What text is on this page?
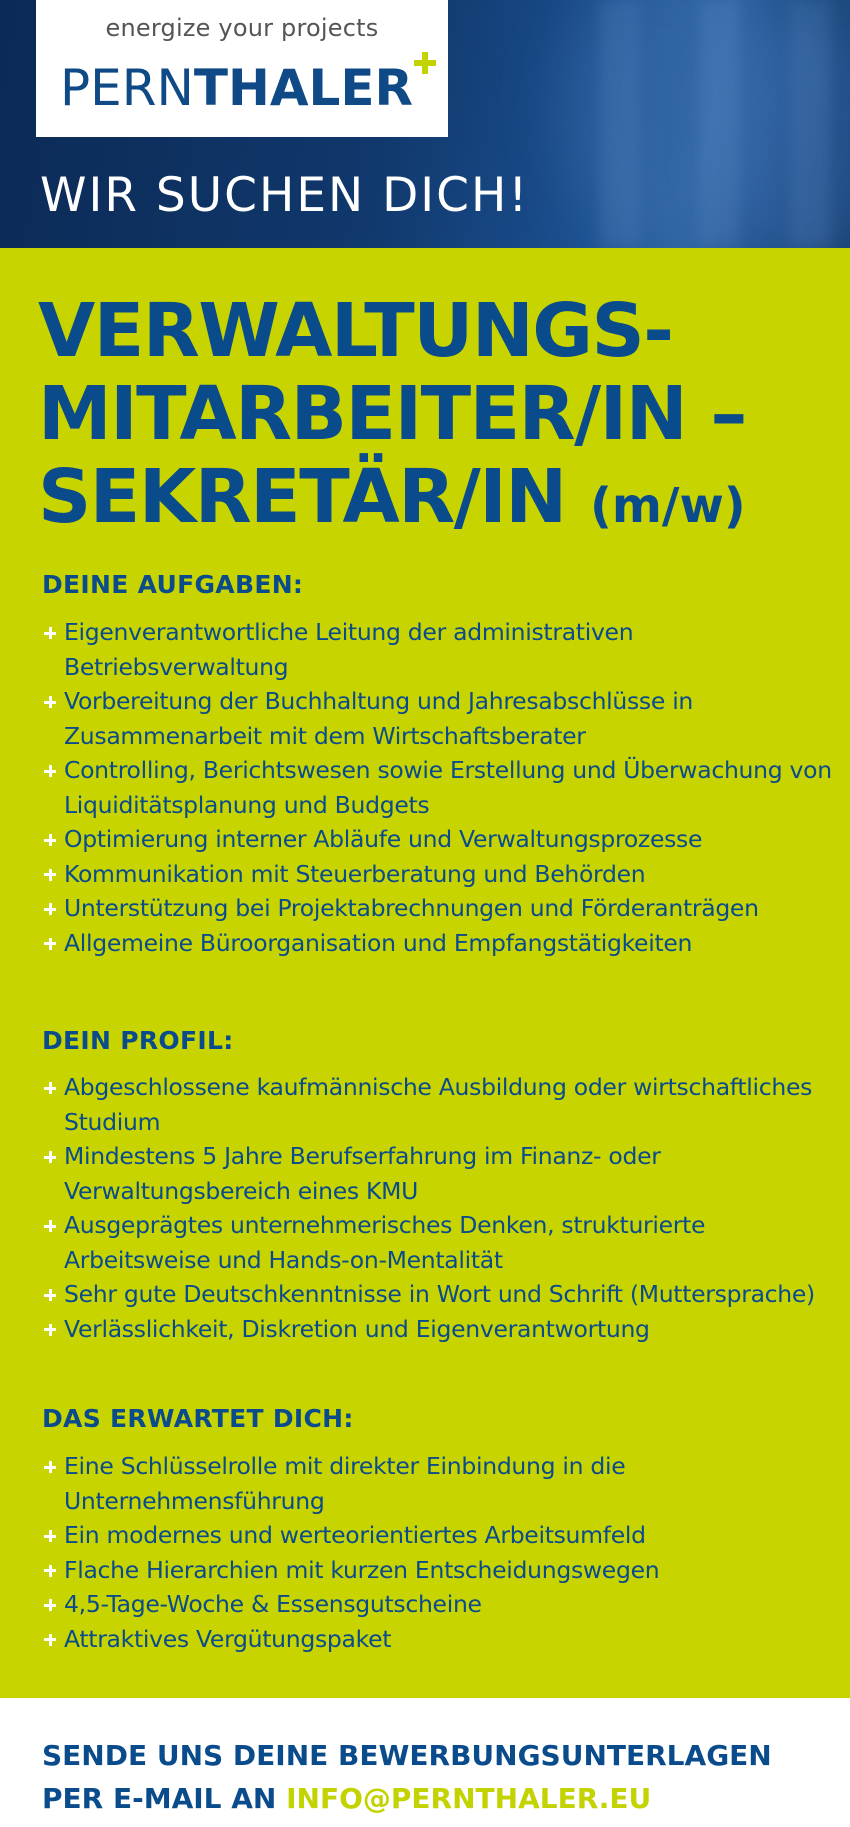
energize your projects
PERNTHALER
WIR SUCHEN DICH!
VERWALTUNGS-
MITARBEITER/IN –
SEKRETÄR/IN (m/w)
DEINE AUFGABEN:
Eigenverantwortliche Leitung der administrativen Betriebsverwaltung
Vorbereitung der Buchhaltung und Jahresabschlüsse in Zusammenarbeit mit dem Wirtschaftsberater
Controlling, Berichtswesen sowie Erstellung und Überwachung von Liquiditätsplanung und Budgets
Optimierung interner Abläufe und Verwaltungsprozesse
Kommunikation mit Steuerberatung und Behörden
Unterstützung bei Projektabrechnungen und Förderanträgen
Allgemeine Büroorganisation und Empfangstätigkeiten
DEIN PROFIL:
Abgeschlossene kaufmännische Ausbildung oder wirtschaftliches Studium
Mindestens 5 Jahre Berufserfahrung im Finanz- oder Verwaltungsbereich eines KMU
Ausgeprägtes unternehmerisches Denken, strukturierte Arbeitsweise und Hands-on-Mentalität
Sehr gute Deutschkenntnisse in Wort und Schrift (Muttersprache)
Verlässlichkeit, Diskretion und Eigenverantwortung
DAS ERWARTET DICH:
Eine Schlüsselrolle mit direkter Einbindung in die Unternehmensführung
Ein modernes und werteorientiertes Arbeitsumfeld
Flache Hierarchien mit kurzen Entscheidungswegen
4,5-Tage-Woche & Essensgutscheine
Attraktives Vergütungspaket
SENDE UNS DEINE BEWERBUNGSUNTERLAGEN
PER E-MAIL AN INFO@PERNTHALER.EU
